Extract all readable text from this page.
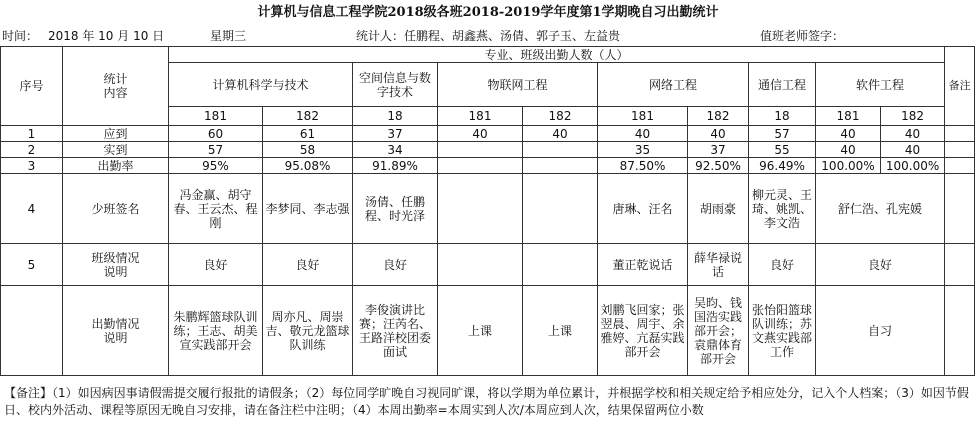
计算机与信息工程学院2018级各班2018-2019学年度第1学期晚自习出勤统计
时间： 2018 年 10 月 10 日	星期三	统计人：任鹏程、胡鑫燕、汤倩、郭子玉、左益贵	值班老师签字：
序号	统计
内容	专业、班级出勤人数（人）										备注
		计算机科学与技术		空间信息与数字技术	物联网工程		网络工程		通信工程	软件工程		
		181	182	18	181	182	181	182	18	181	182	
1	应到	60	61	37	40	40	40	40	57	40	40	
2	实到	57	58	34			35	37	55	40	40	
3	出勤率	95%	95.08%	91.89%			87.50%	92.50%	96.49%	100.00%	100.00%	
4	少班签名	冯金赢、胡守春、王云杰、程刚	李梦同、李志强	汤倩、任鹏程、时光泽			唐琳、汪名	胡雨豪	柳元灵、王琦、姚凯、李文浩	舒仁浩、孔宪媛		
5	班级情况
说明	良好	良好	良好			董正乾说话	薛华禄说话	良好	良好		
	出勤情况
说明	朱鹏辉篮球队训练；王志、胡美宣实践部开会	周亦凡、周崇吉、敬元龙篮球队训练	李俊演讲比赛；汪芮名、王路洋校团委面试	上课	上课	刘鹏飞回家；张翌晨、周宇、余雅婷、亢磊实践部开会	吴昀、钱国浩实践部开会；袁鼎体育部开会	张怡阳篮球队训练；苏文燕实践部工作	自习		
【备注】（1）如因病因事请假需提交履行报批的请假条；（2）每位同学旷晚自习视同旷课，将以学期为单位累计，并根据学校和相关规定给予相应处分，记入个人档案；（3）如因节假日、校内外活动、课程等原因无晚自习安排，请在备注栏中注明；（4）本周出勤率=本周实到人次/本周应到人次，结果保留两位小数
